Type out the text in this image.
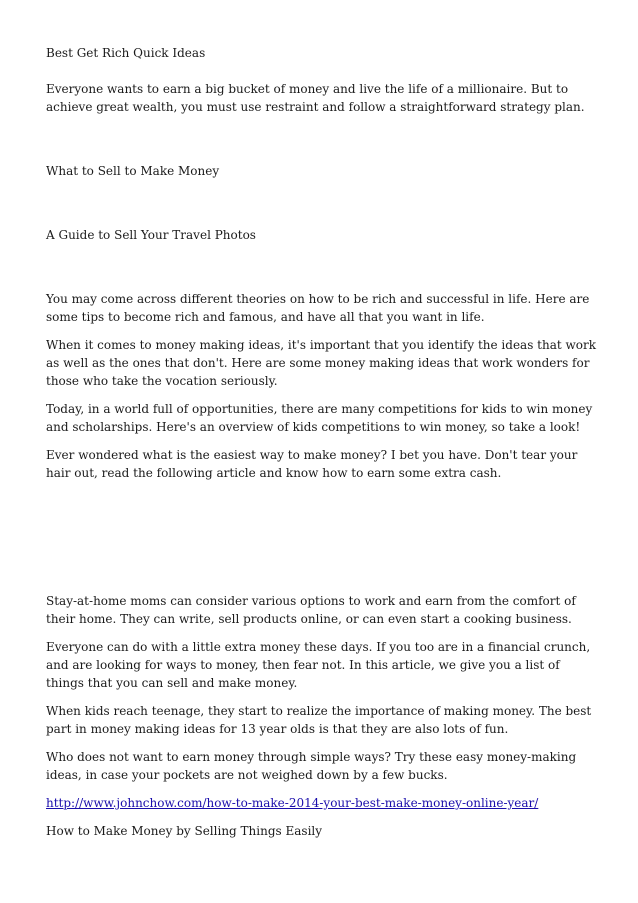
Best Get Rich Quick Ideas

Everyone wants to earn a big bucket of money and live the life of a millionaire. But to achieve great wealth, you must use restraint and follow a straightforward strategy plan.

What to Sell to Make Money

A Guide to Sell Your Travel Photos

You may come across different theories on how to be rich and successful in life. Here are some tips to become rich and famous, and have all that you want in life.

When it comes to money making ideas, it's important that you identify the ideas that work as well as the ones that don't. Here are some money making ideas that work wonders for those who take the vocation seriously.

Today, in a world full of opportunities, there are many competitions for kids to win money and scholarships. Here's an overview of kids competitions to win money, so take a look!

Ever wondered what is the easiest way to make money? I bet you have. Don't tear your hair out, read the following article and know how to earn some extra cash.

Stay-at-home moms can consider various options to work and earn from the comfort of their home. They can write, sell products online, or can even start a cooking business.

Everyone can do with a little extra money these days. If you too are in a financial crunch, and are looking for ways to money, then fear not. In this article, we give you a list of things that you can sell and make money.

When kids reach teenage, they start to realize the importance of making money. The best part in money making ideas for 13 year olds is that they are also lots of fun.

Who does not want to earn money through simple ways? Try these easy money-making ideas, in case your pockets are not weighed down by a few bucks.

http://www.johnchow.com/how-to-make-2014-your-best-make-money-online-year/

How to Make Money by Selling Things Easily
